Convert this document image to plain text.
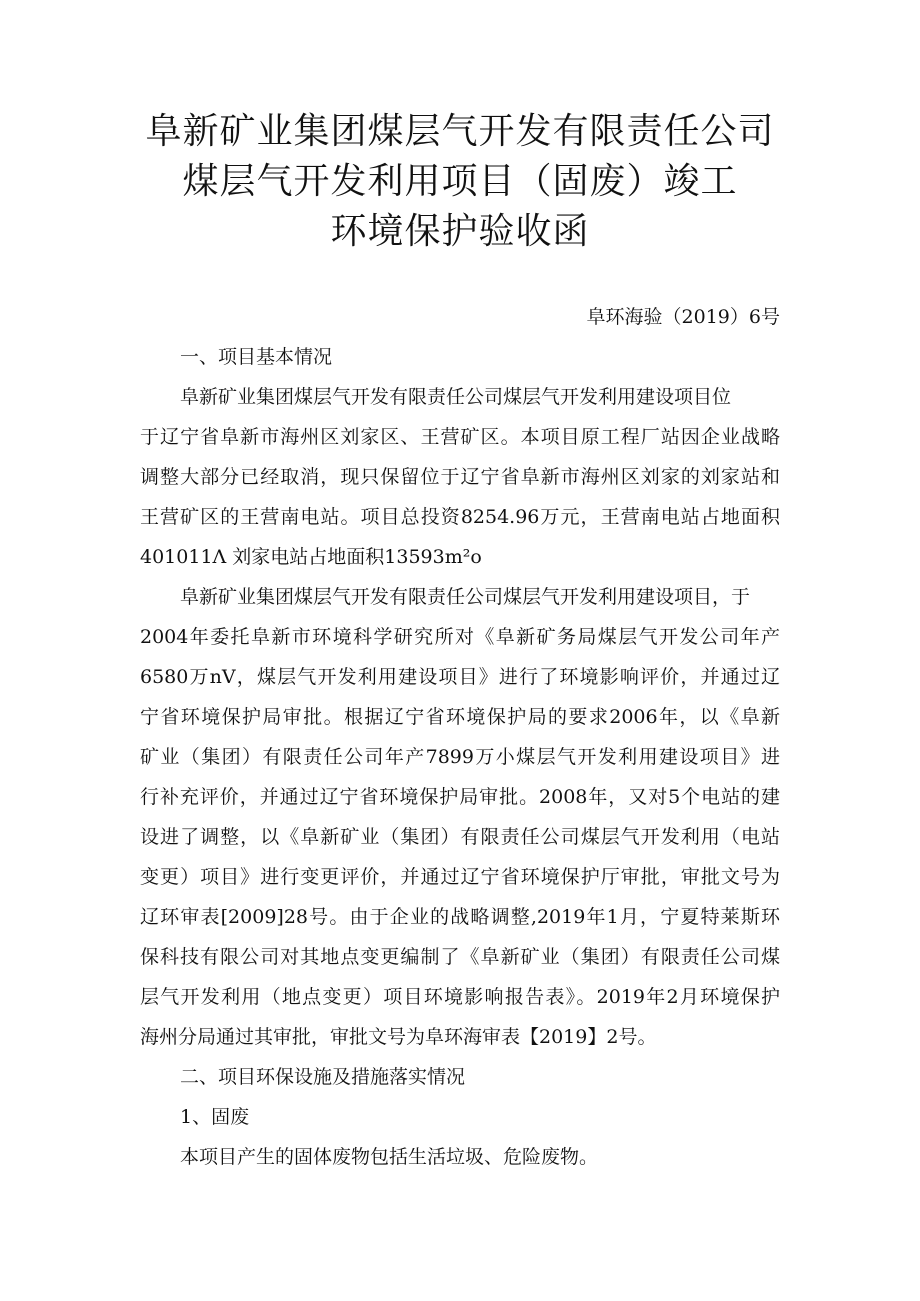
阜新矿业集团煤层气开发有限责任公司
煤层气开发利用项目（固废）竣工
环境保护验收函
阜环海验（2019）6号
一、项目基本情况
阜新矿业集团煤层气开发有限责任公司煤层气开发利用建设项目位
于辽宁省阜新市海州区刘家区、王营矿区。本项目原工程厂站因企业战略
调整大部分已经取消，现只保留位于辽宁省阜新市海州区刘家的刘家站和
王营矿区的王营南电站。项目总投资8254.96万元，王营南电站占地面积
401011Λ 刘家电站占地面积13593m²o
阜新矿业集团煤层气开发有限责任公司煤层气开发利用建设项目，于
2004年委托阜新市环境科学研究所对《阜新矿务局煤层气开发公司年产
6580万nV，煤层气开发利用建设项目》进行了环境影响评价，并通过辽
宁省环境保护局审批。根据辽宁省环境保护局的要求2006年，以《阜新
矿业（集团）有限责任公司年产7899万小煤层气开发利用建设项目》进
行补充评价，并通过辽宁省环境保护局审批。2008年，又对5个电站的建
设进了调整，以《阜新矿业（集团）有限责任公司煤层气开发利用（电站
变更）项目》进行变更评价，并通过辽宁省环境保护厅审批，审批文号为
辽环审表[2009]28号。由于企业的战略调整,2019年1月，宁夏特莱斯环
保科技有限公司对其地点变更编制了《阜新矿业（集团）有限责任公司煤
层气开发利用（地点变更）项目环境影响报告表》。2019年2月环境保护
海州分局通过其审批，审批文号为阜环海审表【2019】2号。
二、项目环保设施及措施落实情况
1、固废
本项目产生的固体废物包括生活垃圾、危险废物。
